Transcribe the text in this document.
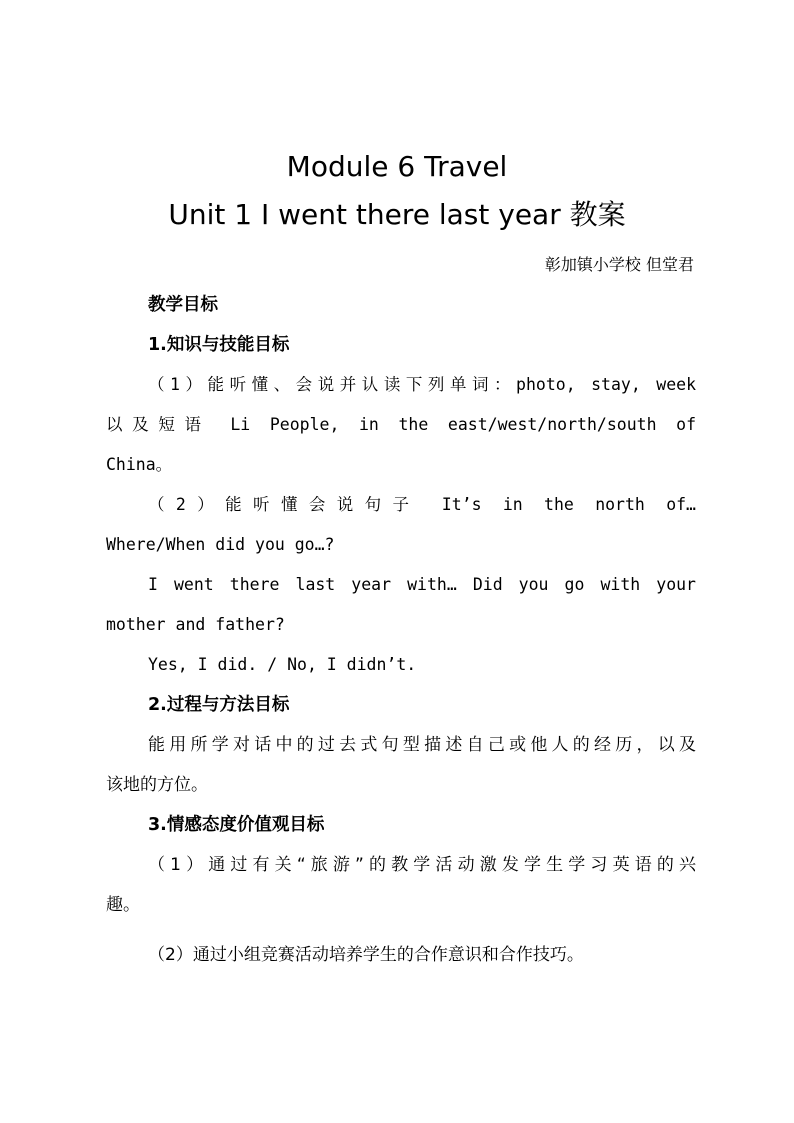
Module 6 Travel
Unit 1 I went there last year 教案
彰加镇小学校 但堂君
教学目标
1.知识与技能目标
（1）能听懂、会说并认读下列单词：photo, stay, week
以及短语 Li People, in the east/west/north/south of
China。
（2）能听懂会说句子 It’s in the north of…
Where/When did you go…?
I went there last year with… Did you go with your
mother and father?
Yes, I did. / No, I didn’t.
2.过程与方法目标
能用所学对话中的过去式句型描述自己或他人的经历，以及
该地的方位。
3.情感态度价值观目标
（1）通过有关“旅游”的教学活动激发学生学习英语的兴
趣。
（2）通过小组竞赛活动培养学生的合作意识和合作技巧。
